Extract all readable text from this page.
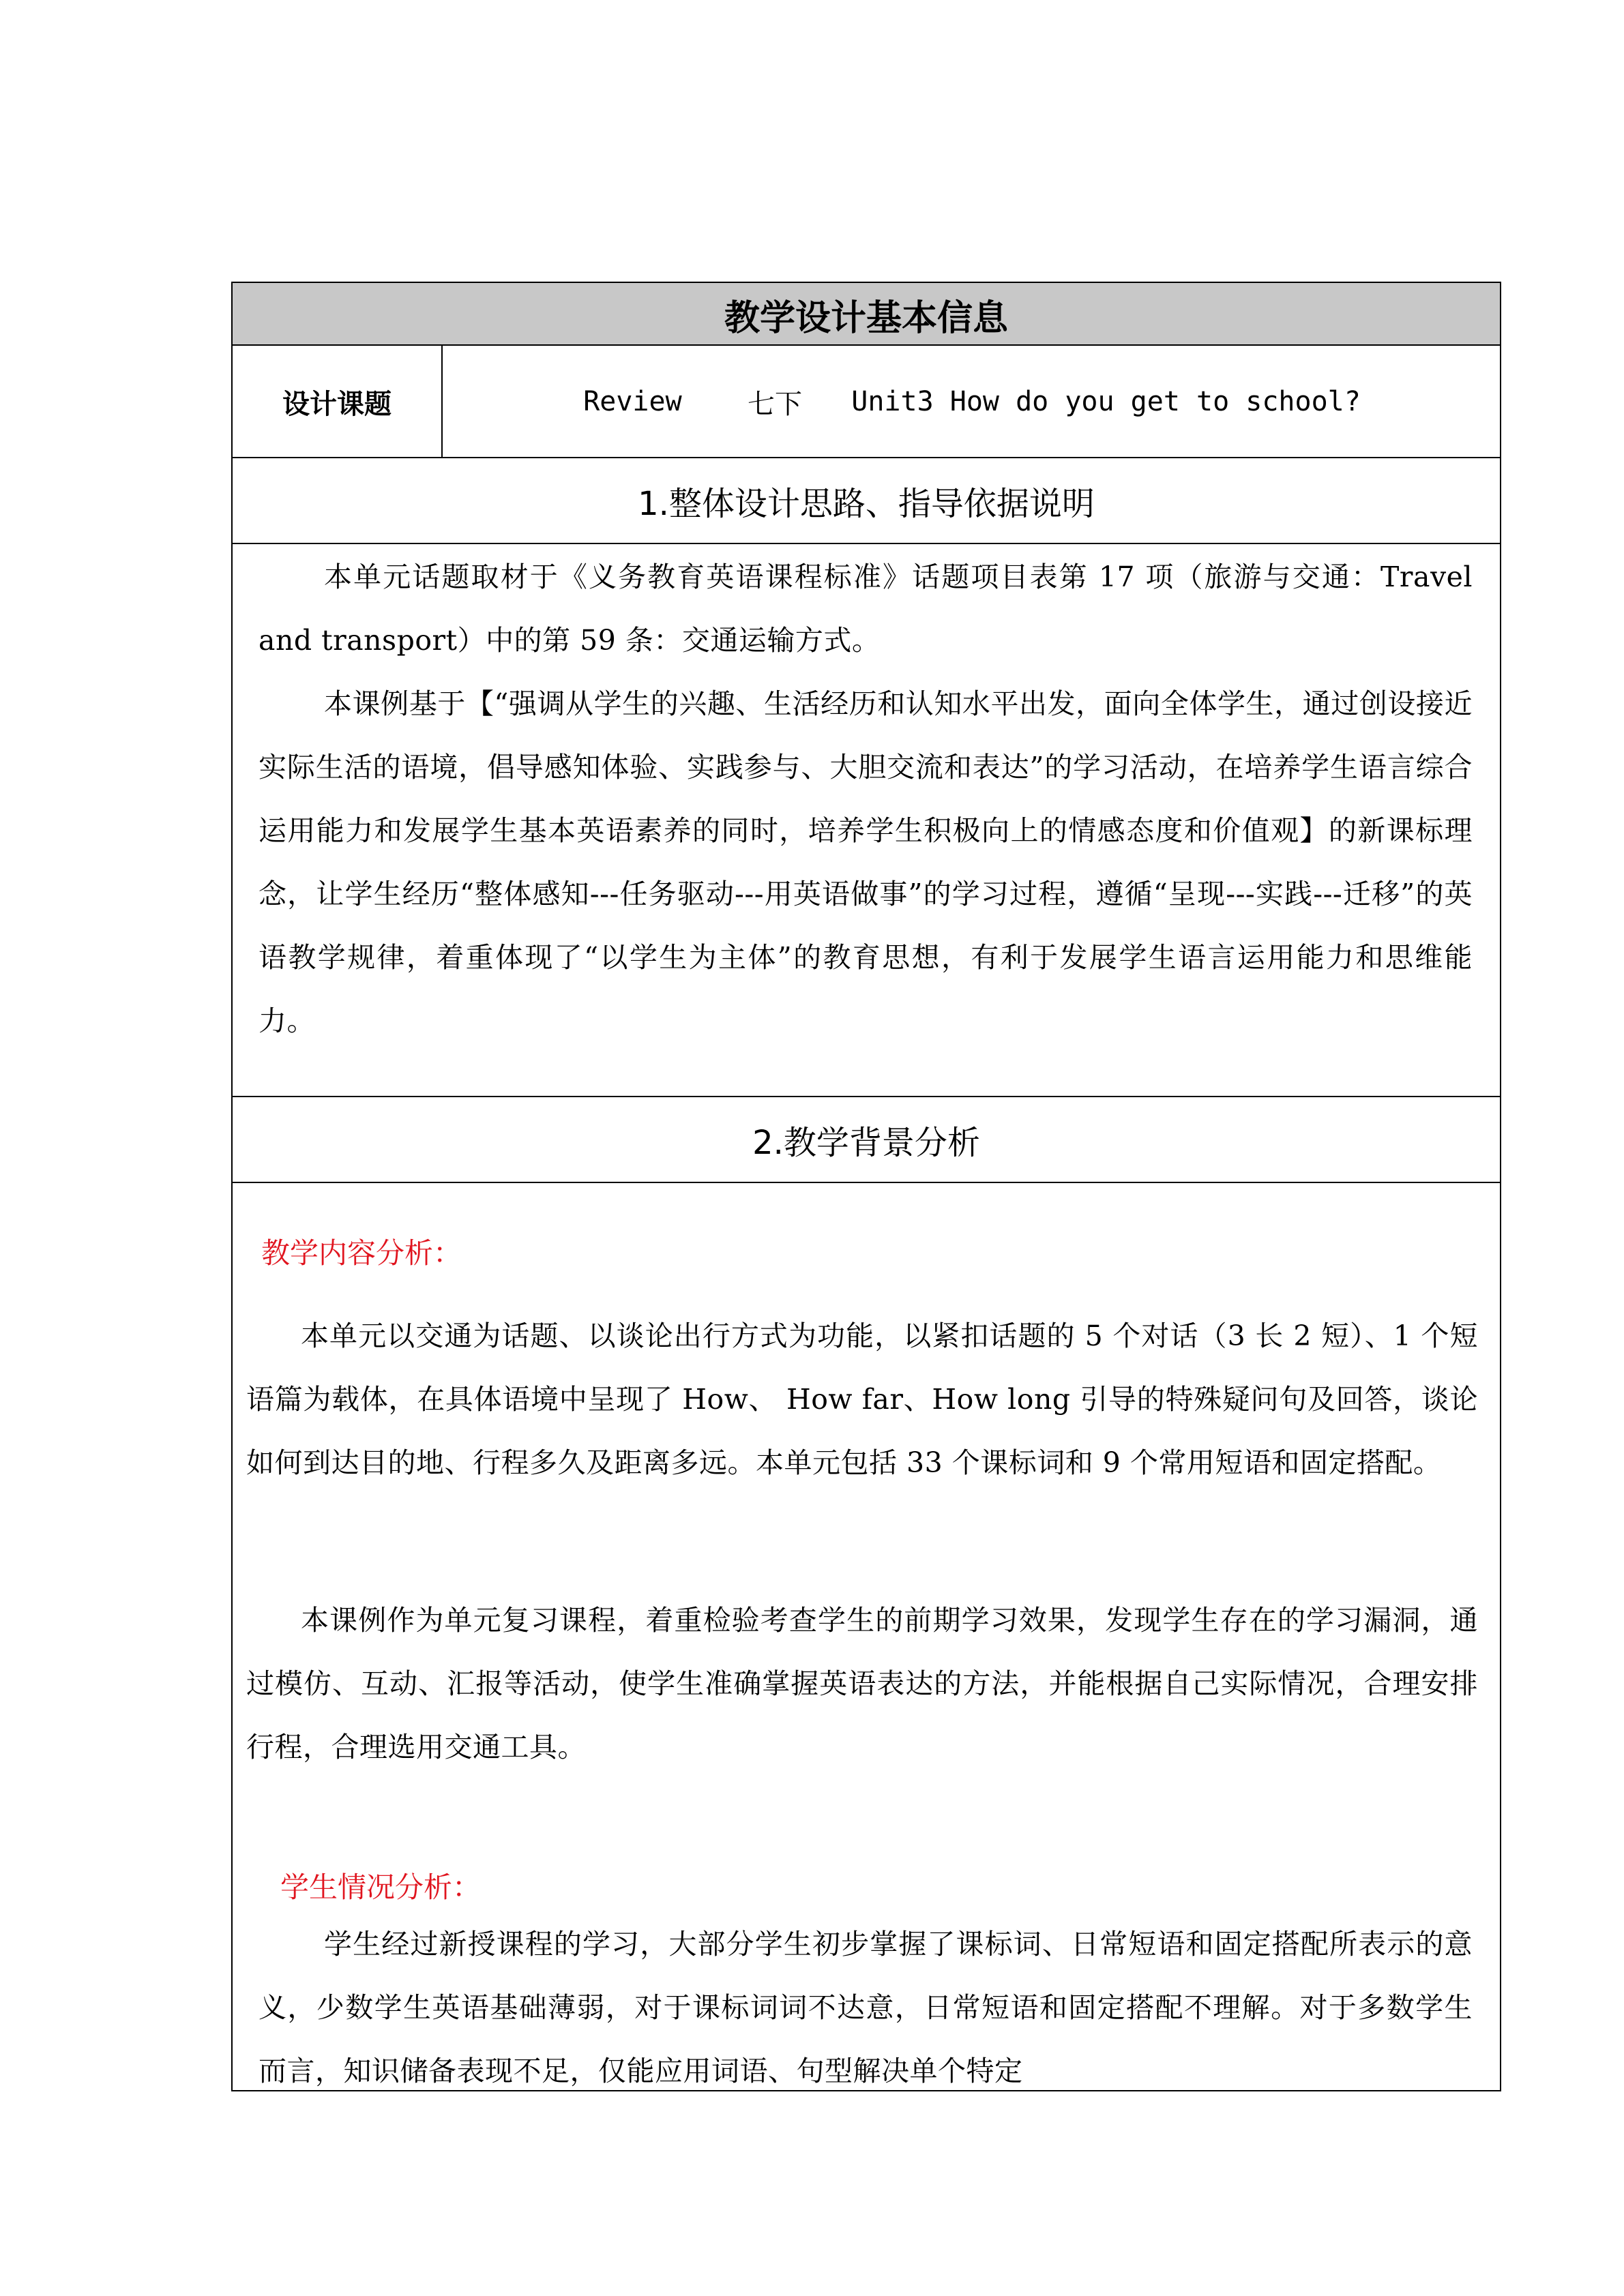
教学设计基本信息
设计课题	Review
七下
Unit3 How do you get to school?
1.整体设计思路、指导依据说明
本单元话题取材于《义务教育英语课程标准》话题项目表第 17 项（旅游与交通：Travel and transport）中的第 59 条：交通运输方式。
本课例基于【“强调从学生的兴趣、生活经历和认知水平出发，面向全体学生，通过创设接近实际生活的语境，倡导感知体验、实践参与、大胆交流和表达”的学习活动，在培养学生语言综合运用能力和发展学生基本英语素养的同时，培养学生积极向上的情感态度和价值观】的新课标理念，让学生经历“整体感知---任务驱动---用英语做事”的学习过程，遵循“呈现---实践---迁移”的英语教学规律，着重体现了“以学生为主体”的教育思想，有利于发展学生语言运用能力和思维能力。
2.教学背景分析
教学内容分析：
本单元以交通为话题、以谈论出行方式为功能，以紧扣话题的 5 个对话（3 长 2 短）、1 个短语篇为载体，在具体语境中呈现了 How、 How far、How long 引导的特殊疑问句及回答，谈论如何到达目的地、行程多久及距离多远。本单元包括 33 个课标词和 9 个常用短语和固定搭配。
本课例作为单元复习课程，着重检验考查学生的前期学习效果，发现学生存在的学习漏洞，通过模仿、互动、汇报等活动，使学生准确掌握英语表达的方法，并能根据自己实际情况，合理安排行程，合理选用交通工具。
学生情况分析：
学生经过新授课程的学习，大部分学生初步掌握了课标词、日常短语和固定搭配所表示的意义，少数学生英语基础薄弱，对于课标词词不达意，日常短语和固定搭配不理解。对于多数学生而言，知识储备表现不足，仅能应用词语、句型解决单个特定
